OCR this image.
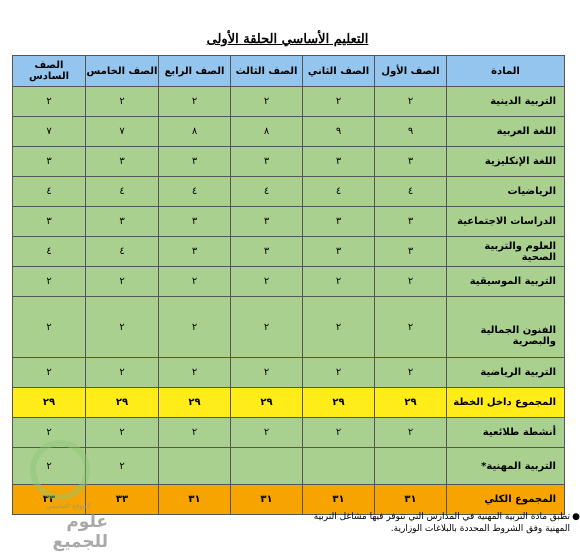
التعليم الأساسي الحلقة الأولى
المادة	الصف الأول	الصف الثاني	الصف الثالث	الصف الرابع	الصف الخامس	الصف السادس
التربية الدينية	٢	٢	٢	٢	٢	٢
اللغة العربية	٩	٩	٨	٨	٧	٧
اللغة الإنكليزية	٣	٣	٣	٣	٣	٣
الرياضيات	٤	٤	٤	٤	٤	٤
الدراسات الاجتماعية	٣	٣	٣	٣	٣	٣
العلوم والتربية الصحية	٣	٣	٣	٣	٤	٤
التربية الموسيقية	٢	٢	٢	٢	٢	٢
الفنون الجمالية والبصرية	٢	٢	٢	٢	٢	٢
التربية الرياضية	٢	٢	٢	٢	٢	٢
المجموع داخل الخطة	٢٩	٢٩	٢٩	٢٩	٢٩	٢٩
أنشطة طلائعية	٢	٢	٢	٢	٢	٢
التربية المهنية*					٢	٢
المجموع الكلي	٣١	٣١	٣١	٣١	٣٣	٣٣
●
تطبق مادة التربية المهنية في المدارس التي تتوفر فيها مشاغل التربية المهنية وفق الشروط المحددة بالبلاغات الوزارية.
الموقع التعليمي
علوم للجميع
